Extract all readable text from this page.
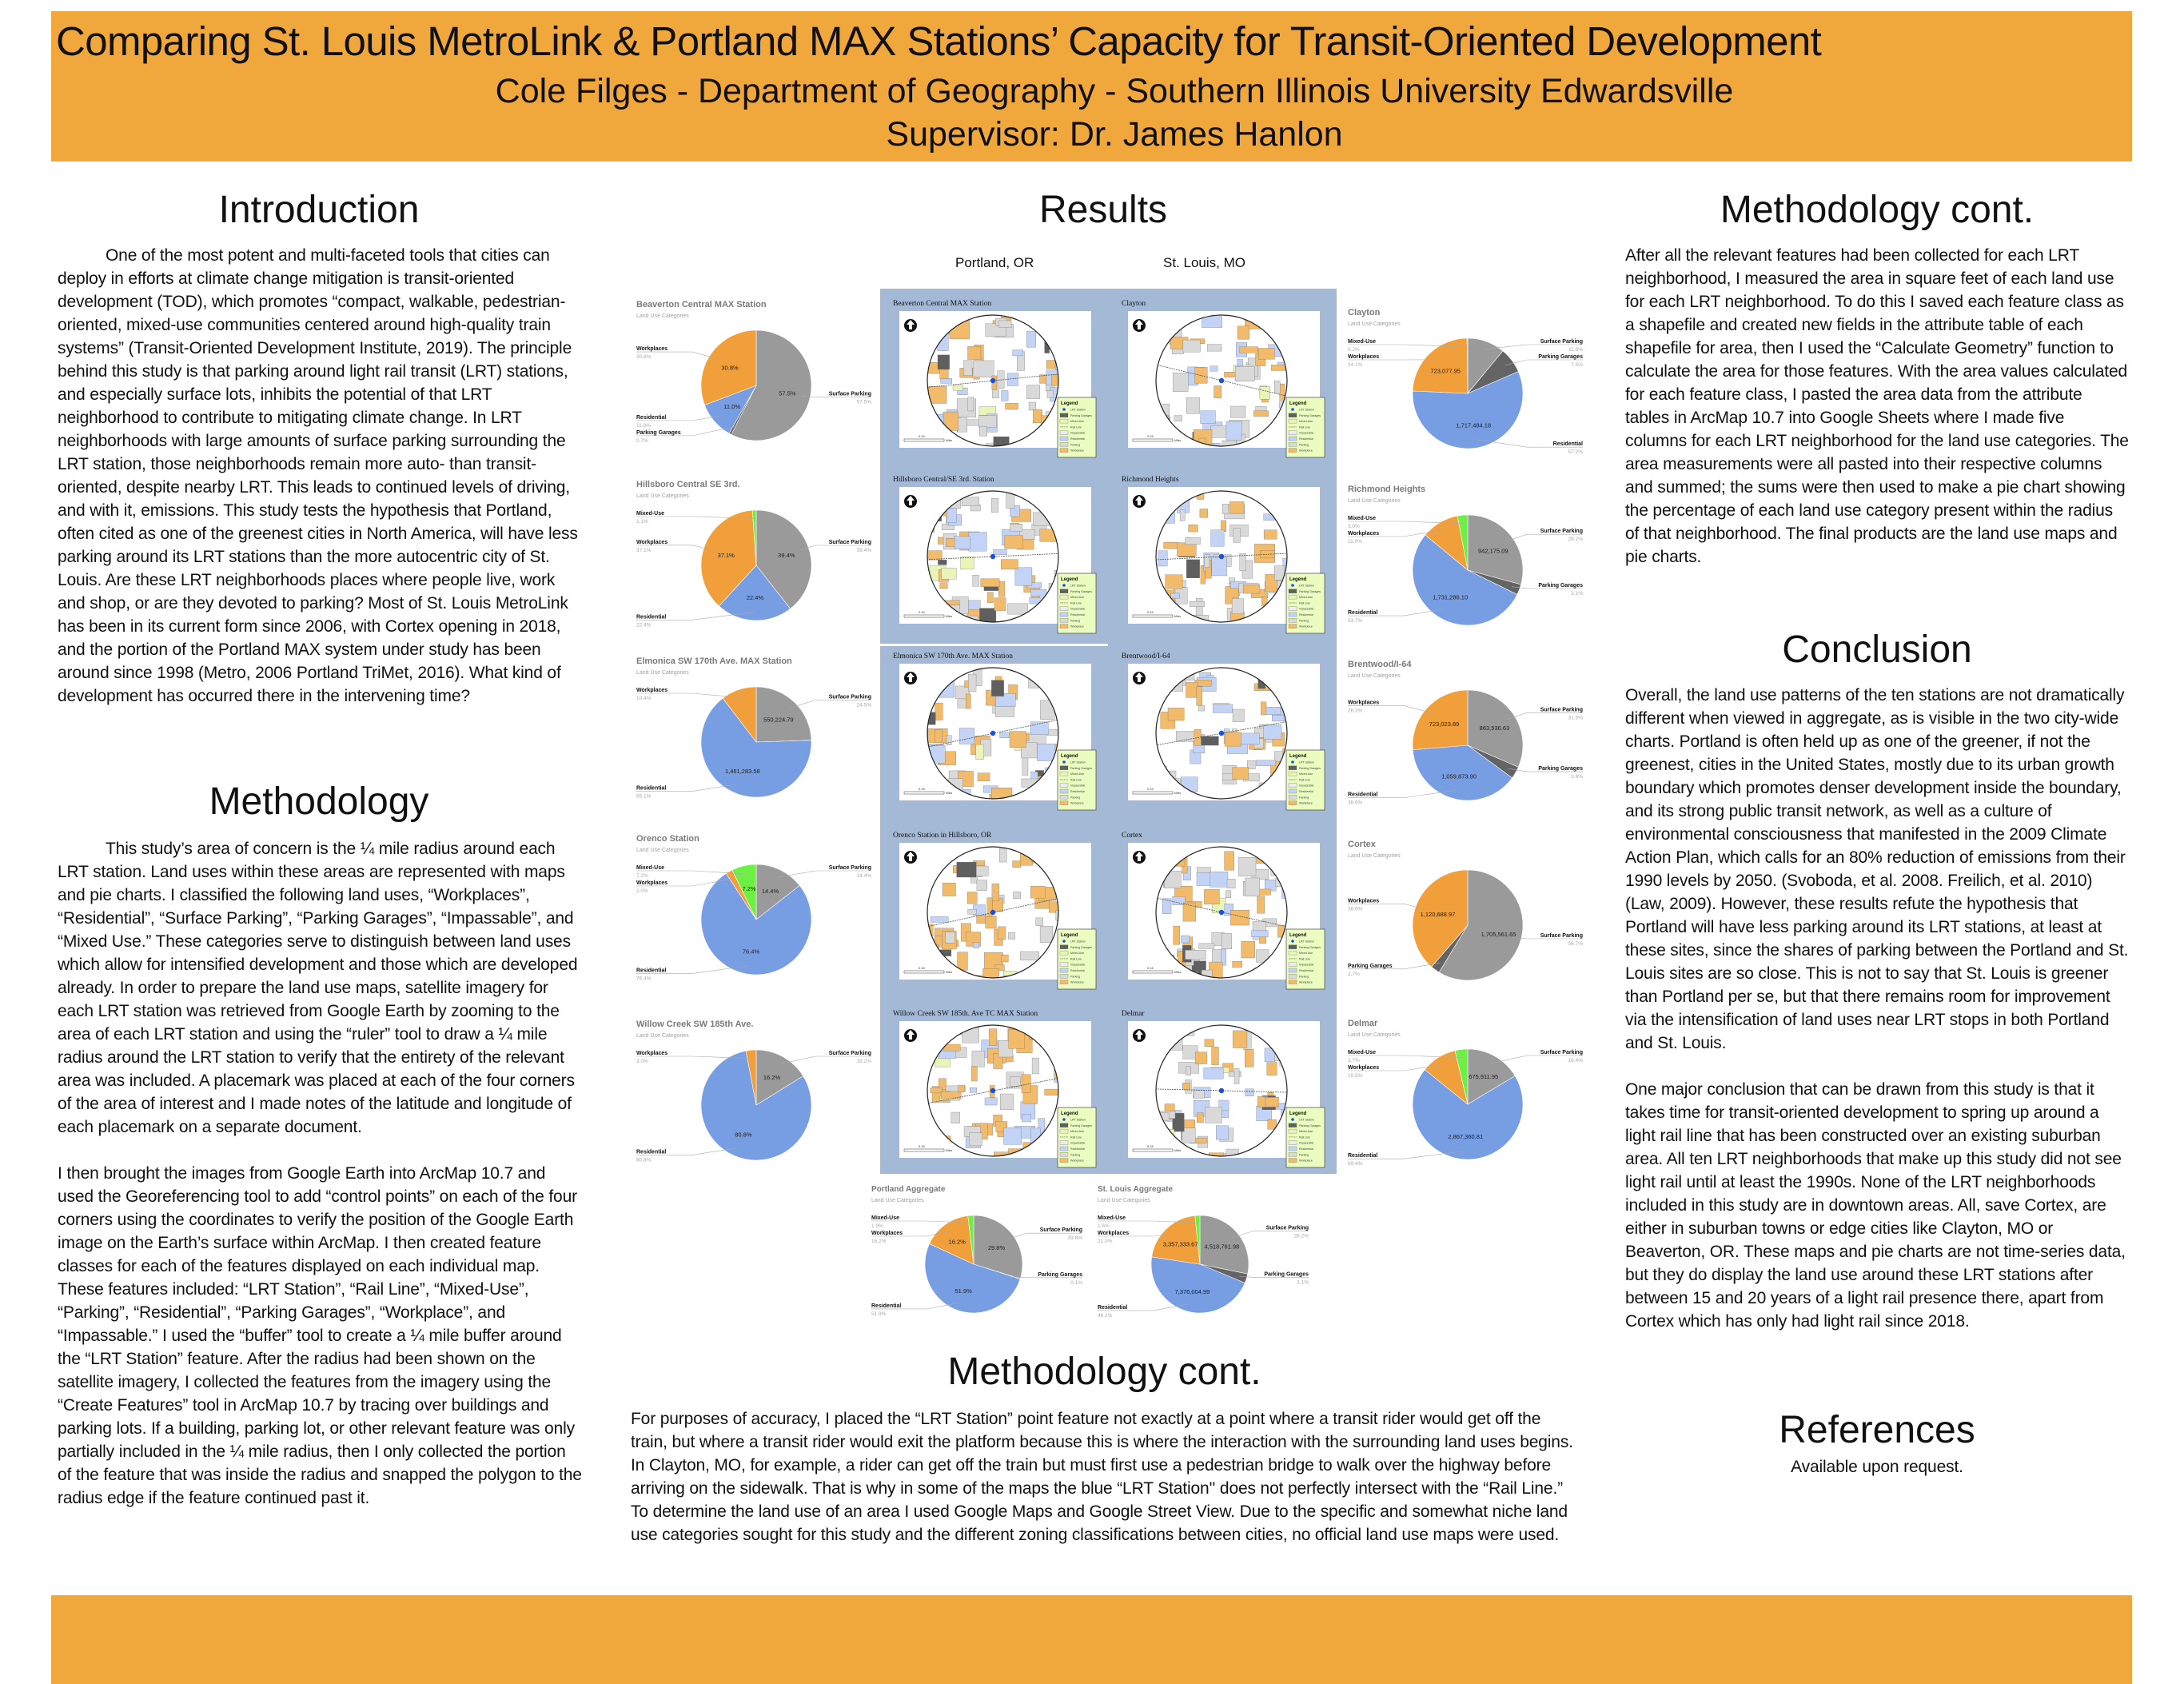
Comparing St. Louis MetroLink & Portland MAX Stations’ Capacity for Transit-Oriented Development
Cole Filges - Department of Geography - Southern Illinois University Edwardsville
Supervisor: Dr. James Hanlon
Introduction

One of the most potent and multi-faceted tools that cities can deploy in efforts at climate change mitigation is transit-oriented development (TOD), which promotes “compact, walkable, pedestrian-oriented, mixed-use communities centered around high-quality train systems” (Transit-Oriented Development Institute, 2019). The principle behind this study is that parking around light rail transit (LRT) stations, and especially surface lots, inhibits the potential of that LRT neighborhood to contribute to mitigating climate change. In LRT neighborhoods with large amounts of surface parking surrounding the LRT station, those neighborhoods remain more auto- than transit-oriented, despite nearby LRT. This leads to continued levels of driving, and with it, emissions. This study tests the hypothesis that Portland, often cited as one of the greenest cities in North America, will have less parking around its LRT stations than the more autocentric city of St. Louis. Are these LRT neighborhoods places where people live, work and shop, or are they devoted to parking? Most of St. Louis MetroLink has been in its current form since 2006, with Cortex opening in 2018, and the portion of the Portland MAX system under study has been around since 1998 (Metro, 2006 Portland TriMet, 2016). What kind of development has occurred there in the intervening time?

Methodology

This study’s area of concern is the ¼ mile radius around each LRT station. Land uses within these areas are represented with maps and pie charts. I classified the following land uses, “Workplaces”, “Residential”, “Surface Parking”, “Parking Garages”, “Impassable”, and “Mixed Use.” These categories serve to distinguish between land uses which allow for intensified development and those which are developed already. In order to prepare the land use maps, satellite imagery for each LRT station was retrieved from Google Earth by zooming to the area of each LRT station and using the “ruler” tool to draw a ¼ mile radius around the LRT station to verify that the entirety of the relevant area was included. A placemark was placed at each of the four corners of the area of interest and I made notes of the latitude and longitude of each placemark on a separate document.

I then brought the images from Google Earth into ArcMap 10.7 and used the Georeferencing tool to add “control points” on each of the four corners using the coordinates to verify the position of the Google Earth image on the Earth’s surface within ArcMap. I then created feature classes for each of the features displayed on each individual map. These features included: “LRT Station”, “Rail Line”, “Mixed-Use”, “Parking”, “Residential”, “Parking Garages”, “Workplace”, and “Impassable.” I used the “buffer” tool to create a ¼ mile buffer around the “LRT Station” feature. After the radius had been shown on the satellite imagery, I collected the features from the imagery using the “Create Features” tool in ArcMap 10.7 by tracing over buildings and parking lots. If a building, parking lot, or other relevant feature was only partially included in the ¼ mile radius, then I only collected the portion of the feature that was inside the radius and snapped the polygon to the radius edge if the feature continued past it.

Results
Portland, OR	St. Louis, MO
Beaverton Central MAX Station
0.15
Miles
Legend
LRT Station
Parking Garages
Mixed-Use
Rail Line
Impassable
Residential
Parking
Workplace
Hillsboro Central/SE 3rd. Station
0.15
Miles
Legend
LRT Station
Parking Garages
Mixed-Use
Rail Line
Impassable
Residential
Parking
Workplace
Elmonica SW 170th Ave. MAX Station
0.15
Miles
Legend
LRT Station
Parking Garages
Mixed-Use
Rail Line
Impassable
Residential
Parking
Workplace
Orenco Station in Hillsboro, OR
0.15
Miles
Legend
LRT Station
Parking Garages
Mixed-Use
Rail Line
Impassable
Residential
Parking
Workplace
Willow Creek SW 185th. Ave TC MAX Station
0.15
Miles
Legend
LRT Station
Parking Garages
Mixed-Use
Rail Line
Impassable
Residential
Parking
Workplace
Clayton
0.15
Miles
Legend
LRT Station
Parking Garages
Mixed-Use
Rail Line
Impassable
Residential
Parking
Workplace
Richmond Heights
0.15
Miles
Legend
LRT Station
Parking Garages
Mixed-Use
Rail Line
Impassable
Residential
Parking
Workplace
Brentwood/I-64
0.15
Miles
Legend
LRT Station
Parking Garages
Mixed-Use
Rail Line
Impassable
Residential
Parking
Workplace
Cortex
0.15
Miles
Legend
LRT Station
Parking Garages
Mixed-Use
Rail Line
Impassable
Residential
Parking
Workplace
Delmar
0.15
Miles
Legend
LRT Station
Parking Garages
Mixed-Use
Rail Line
Impassable
Residential
Parking
Workplace
Beaverton Central MAX Station
Land Use Categories
57.5%
11.0%
30.8%
Workplaces
30.8%
Residential
11.0%
Parking Garages
0.7%
Surface Parking
57.5%
Hillsboro Central SE 3rd.
Land Use Categories
39.4%
22.4%
37.1%
Mixed-Use
1.1%
Workplaces
37.1%
Residential
22.4%
Surface Parking
39.4%
Elmonica SW 170th Ave. MAX Station
Land Use Categories
550,224.79
1,461,283.58
Workplaces
10.4%
Residential
65.1%
Surface Parking
24.5%
Orenco Station
Land Use Categories
14.4%
76.4%
7.2%
Mixed-Use
7.2%
Workplaces
2.0%
Residential
76.4%
Surface Parking
14.4%
Willow Creek SW 185th Ave.
Land Use Categories
16.2%
80.8%
Workplaces
3.0%
Residential
80.8%
Surface Parking
16.2%
Clayton
Land Use Categories
1,717,484.18
723,077.95
Mixed-Use
0.2%
Workplaces
24.1%
Surface Parking
11.0%
Parking Garages
7.5%
Residential
57.2%
Richmond Heights
Land Use Categories
942,175.09
1,731,286.10
Mixed-Use
3.0%
Workplaces
11.0%
Residential
53.7%
Surface Parking
29.2%
Parking Garages
3.1%
Brentwood/I-64
Land Use Categories
863,536.63
1,059,873.90
723,023.89
Workplaces
26.3%
Residential
38.6%
Surface Parking
31.5%
Parking Garages
3.6%
Cortex
Land Use Categories
1,705,561.65
1,120,688.97
Workplaces
38.6%
Parking Garages
2.7%
Surface Parking
58.7%
Delmar
Land Use Categories
675,911.95
2,867,360.81
Mixed-Use
3.7%
Workplaces
10.5%
Residential
69.4%
Surface Parking
16.4%
Portland Aggregate
Land Use Categories
29.8%
51.9%
16.2%
Mixed-Use
1.9%
Workplaces
16.2%
Residential
51.9%
Surface Parking
29.8%
Parking Garages
0.1%
St. Louis Aggregate
Land Use Categories
4,518,761.98
7,376,004.99
3,357,333.67
Mixed-Use
1.6%
Workplaces
21.0%
Residential
46.1%
Surface Parking
28.2%
Parking Garages
3.1%
Methodology cont.
For purposes of accuracy, I placed the “LRT Station” point feature not exactly at a point where a transit rider would get off the train, but where a transit rider would exit the platform because this is where the interaction with the surrounding land uses begins. In Clayton, MO, for example, a rider can get off the train but must first use a pedestrian bridge to walk over the highway before arriving on the sidewalk. That is why in some of the maps the blue “LRT Station'' does not perfectly intersect with the “Rail Line.” To determine the land use of an area I used Google Maps and Google Street View. Due to the specific and somewhat niche land use categories sought for this study and the different zoning classifications between cities, no official land use maps were used.
Methodology cont.
After all the relevant features had been collected for each LRT neighborhood, I measured the area in square feet of each land use for each LRT neighborhood. To do this I saved each feature class as a shapefile and created new fields in the attribute table of each shapefile for area, then I used the “Calculate Geometry” function to calculate the area for those features. With the area values calculated for each feature class, I pasted the area data from the attribute tables in ArcMap 10.7 into Google Sheets where I made five columns for each LRT neighborhood for the land use categories. The area measurements were all pasted into their respective columns and summed; the sums were then used to make a pie chart showing the percentage of each land use category present within the radius of that neighborhood. The final products are the land use maps and pie charts.
Conclusion

Overall, the land use patterns of the ten stations are not dramatically different when viewed in aggregate, as is visible in the two city-wide charts. Portland is often held up as one of the greener, if not the greenest, cities in the United States, mostly due to its urban growth boundary which promotes denser development inside the boundary, and its strong public transit network, as well as a culture of environmental consciousness that manifested in the 2009 Climate Action Plan, which calls for an 80% reduction of emissions from their 1990 levels by 2050. (Svoboda, et al. 2008. Freilich, et al. 2010) (Law, 2009). However, these results refute the hypothesis that Portland will have less parking around its LRT stations, at least at these sites, since the shares of parking between the Portland and St. Louis sites are so close. This is not to say that St. Louis is greener than Portland per se, but that there remains room for improvement via the intensification of land uses near LRT stops in both Portland and St. Louis.

One major conclusion that can be drawn from this study is that it takes time for transit-oriented development to spring up around a light rail line that has been constructed over an existing suburban area. All ten LRT neighborhoods that make up this study did not see light rail until at least the 1990s. None of the LRT neighborhoods included in this study are in downtown areas. All, save Cortex, are either in suburban towns or edge cities like Clayton, MO or Beaverton, OR. These maps and pie charts are not time-series data, but they do display the land use around these LRT stations after between 15 and 20 years of a light rail presence there, apart from Cortex which has only had light rail since 2018.

References
Available upon request.
